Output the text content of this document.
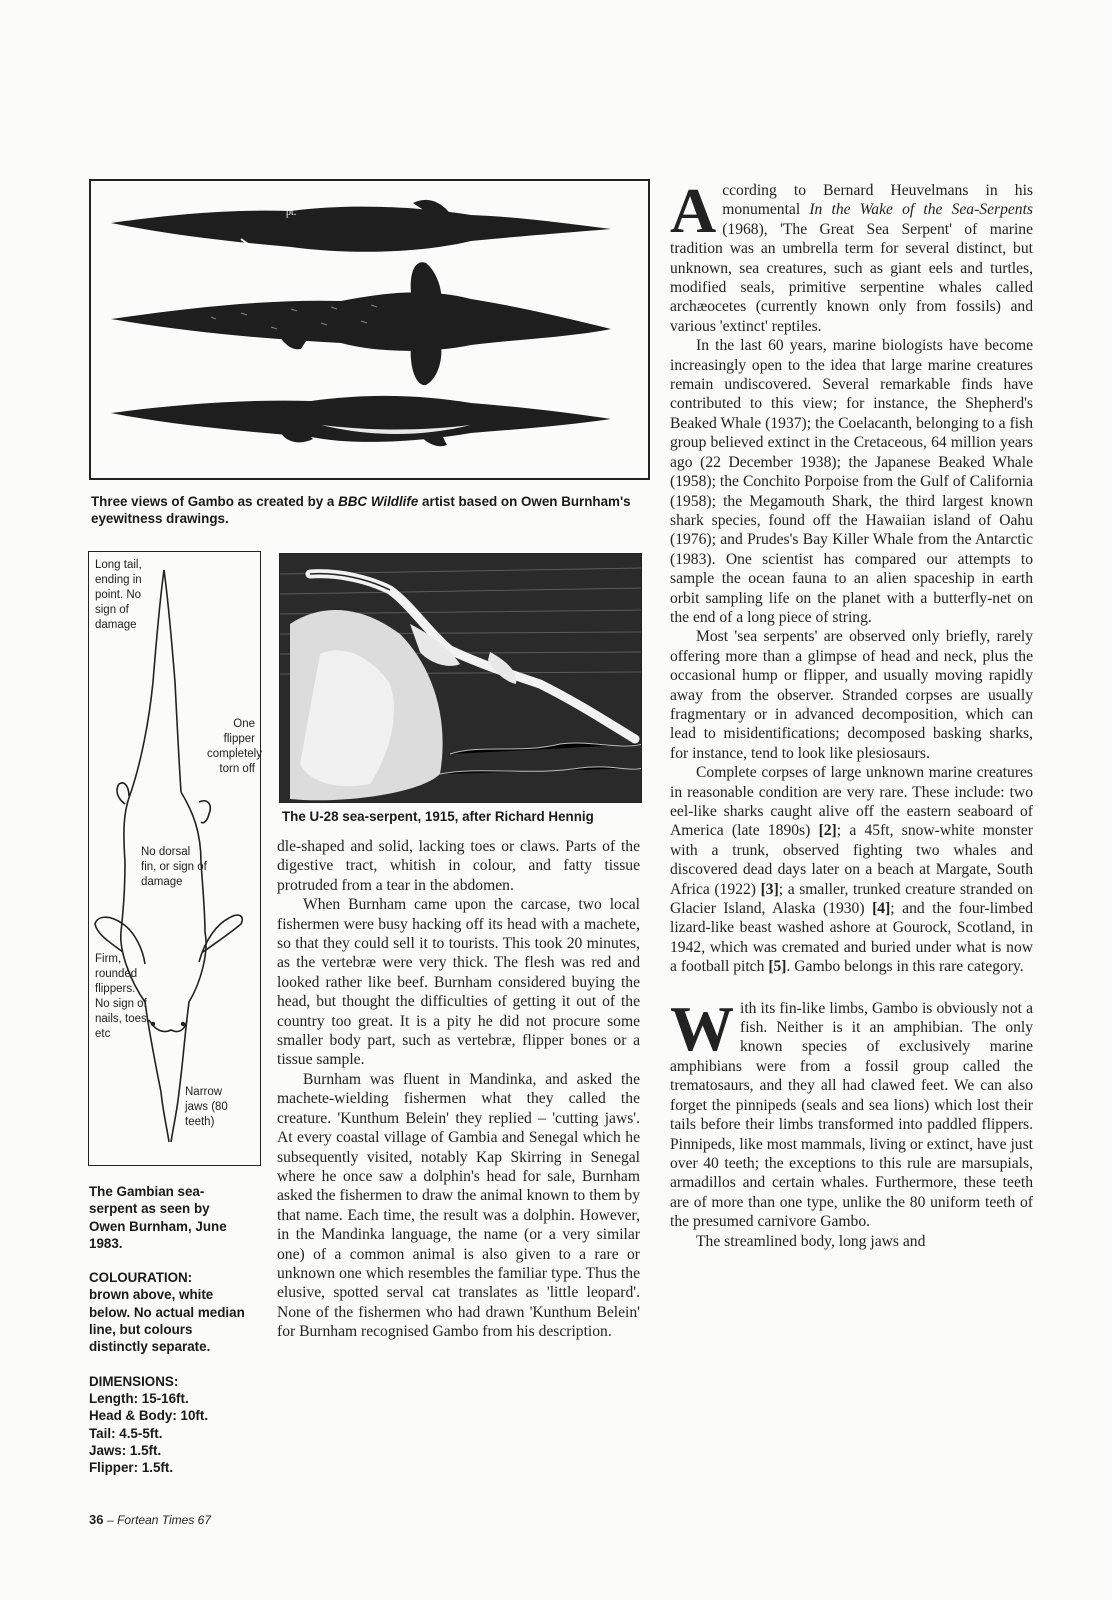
pt.
Three views of Gambo as created by a BBC Wildlife artist based on Owen Burnham's eyewitness drawings.
Long tail, ending in point. No sign of damage
One flipper completely torn off
No dorsal fin, or sign of damage
Firm, rounded flippers. No sign of nails, toes etc
Narrow jaws (80 teeth)
The Gambian sea-serpent as seen by Owen Burnham, June 1983.
COLOURATION:
brown above, white below. No actual median line, but colours distinctly separate.
DIMENSIONS:
Length: 15-16ft.
Head & Body: 10ft.
Tail: 4.5-5ft.
Jaws: 1.5ft.
Flipper: 1.5ft.
The U-28 sea-serpent, 1915, after Richard Hennig

dle-shaped and solid, lacking toes or claws. Parts of the digestive tract, whitish in colour, and fatty tissue protruded from a tear in the abdomen.

When Burnham came upon the carcase, two local fishermen were busy hacking off its head with a machete, so that they could sell it to tourists. This took 20 minutes, as the vertebræ were very thick. The flesh was red and looked rather like beef. Burnham considered buying the head, but thought the difficulties of getting it out of the country too great. It is a pity he did not procure some smaller body part, such as vertebræ, flipper bones or a tissue sample.

Burnham was fluent in Mandinka, and asked the machete-wielding fishermen what they called the creature. 'Kunthum Belein' they replied – 'cutting jaws'. At every coastal village of Gambia and Senegal which he subsequently visited, notably Kap Skirring in Senegal where he once saw a dolphin's head for sale, Burnham asked the fishermen to draw the animal known to them by that name. Each time, the result was a dolphin. However, in the Mandinka language, the name (or a very similar one) of a common animal is also given to a rare or unknown one which resembles the familiar type. Thus the elusive, spotted serval cat translates as 'little leopard'. None of the fishermen who had drawn 'Kunthum Belein' for Burnham recognised Gambo from his description.

According to Bernard Heuvelmans in his monumental In the Wake of the Sea-Serpents (1968), 'The Great Sea Serpent' of marine tradition was an umbrella term for several distinct, but unknown, sea creatures, such as giant eels and turtles, modified seals, primitive serpentine whales called archæocetes (currently known only from fossils) and various 'extinct' reptiles.

In the last 60 years, marine biologists have become increasingly open to the idea that large marine creatures remain undiscovered. Several remarkable finds have contributed to this view; for instance, the Shepherd's Beaked Whale (1937); the Coelacanth, belonging to a fish group believed extinct in the Cretaceous, 64 million years ago (22 December 1938); the Japanese Beaked Whale (1958); the Conchito Porpoise from the Gulf of California (1958); the Megamouth Shark, the third largest known shark species, found off the Hawaiian island of Oahu (1976); and Prudes's Bay Killer Whale from the Antarctic (1983). One scientist has compared our attempts to sample the ocean fauna to an alien spaceship in earth orbit sampling life on the planet with a butterfly-net on the end of a long piece of string.

Most 'sea serpents' are observed only briefly, rarely offering more than a glimpse of head and neck, plus the occasional hump or flipper, and usually moving rapidly away from the observer. Stranded corpses are usually fragmentary or in advanced decomposition, which can lead to misidentifications; decomposed basking sharks, for instance, tend to look like plesiosaurs.

Complete corpses of large unknown marine creatures in reasonable condition are very rare. These include: two eel-like sharks caught alive off the eastern seaboard of America (late 1890s) [2]; a 45ft, snow-white monster with a trunk, observed fighting two whales and discovered dead days later on a beach at Margate, South Africa (1922) [3]; a smaller, trunked creature stranded on Glacier Island, Alaska (1930) [4]; and the four-limbed lizard-like beast washed ashore at Gourock, Scotland, in 1942, which was cremated and buried under what is now a football pitch [5]. Gambo belongs in this rare category.

With its fin-like limbs, Gambo is obviously not a fish. Neither is it an amphibian. The only known species of exclusively marine amphibians were from a fossil group called the trematosaurs, and they all had clawed feet. We can also forget the pinnipeds (seals and sea lions) which lost their tails before their limbs transformed into paddled flippers. Pinnipeds, like most mammals, living or extinct, have just over 40 teeth; the exceptions to this rule are marsupials, armadillos and certain whales. Furthermore, these teeth are of more than one type, unlike the 80 uniform teeth of the presumed carnivore Gambo.

The streamlined body, long jaws and

36 – Fortean Times 67
